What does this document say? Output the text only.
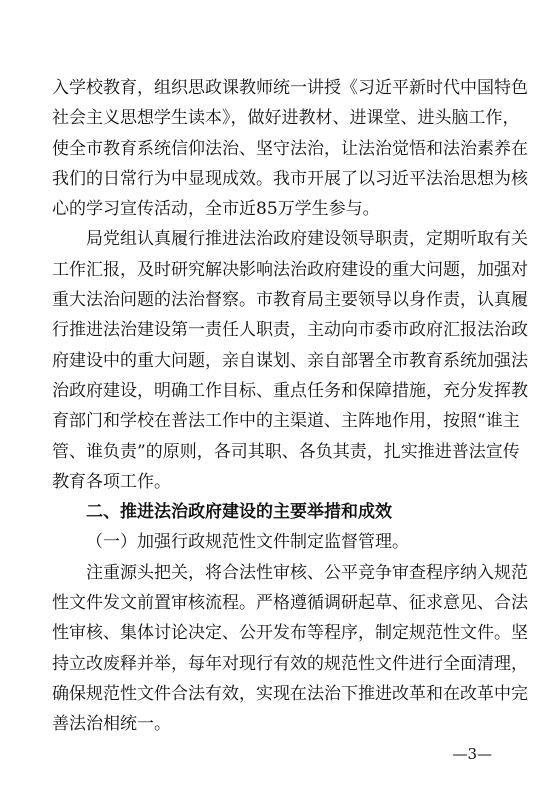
入学校教育，组织思政课教师统一讲授《习近平新时代中国特色
社会主义思想学生读本》，做好进教材、进课堂、进头脑工作，
使全市教育系统信仰法治、坚守法治，让法治觉悟和法治素养在
我们的日常行为中显现成效。我市开展了以习近平法治思想为核
心的学习宣传活动，全市近85万学生参与。
局党组认真履行推进法治政府建设领导职责，定期听取有关
工作汇报，及时研究解决影响法治政府建设的重大问题，加强对
重大法治问题的法治督察。市教育局主要领导以身作责，认真履
行推进法治建设第一责任人职责，主动向市委市政府汇报法治政
府建设中的重大问题，亲自谋划、亲自部署全市教育系统加强法
治政府建设，明确工作目标、重点任务和保障措施，充分发挥教
育部门和学校在普法工作中的主渠道、主阵地作用，按照“谁主
管、谁负责”的原则，各司其职、各负其责，扎实推进普法宣传
教育各项工作。
二、推进法治政府建设的主要举措和成效
（一）加强行政规范性文件制定监督管理。
注重源头把关，将合法性审核、公平竞争审查程序纳入规范
性文件发文前置审核流程。严格遵循调研起草、征求意见、合法
性审核、集体讨论决定、公开发布等程序，制定规范性文件。坚
持立改废释并举，每年对现行有效的规范性文件进行全面清理，
确保规范性文件合法有效，实现在法治下推进改革和在改革中完
善法治相统一。
—3—
